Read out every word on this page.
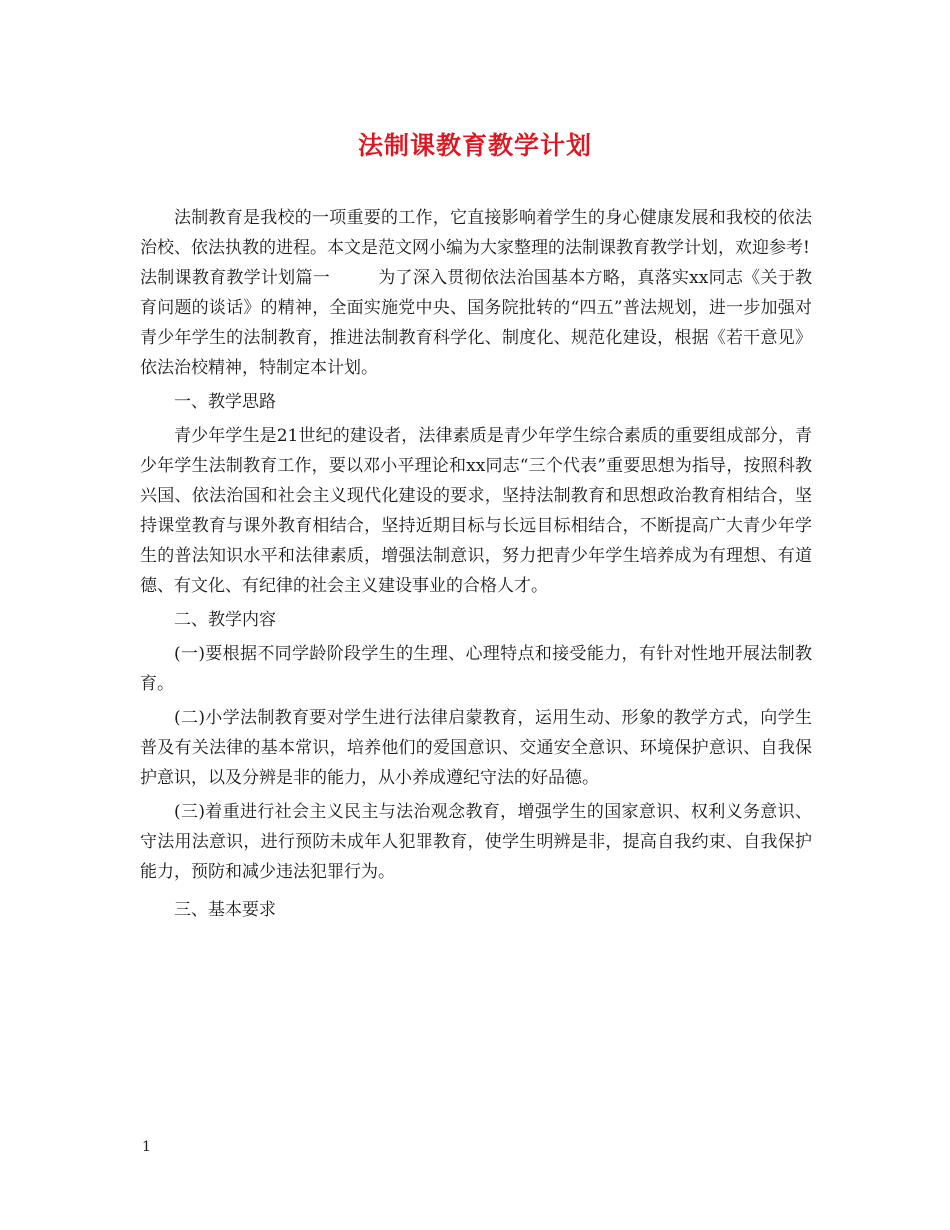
法制课教育教学计划

法制教育是我校的一项重要的工作，它直接影响着学生的身心健康发展和我校的依法治校、依法执教的进程。本文是范文网小编为大家整理的法制课教育教学计划，欢迎参考!

法制课教育教学计划篇一	为了深入贯彻依法治国基本方略，真落实xx同志《关于教育问题的谈话》的精神，全面实施党中央、国务院批转的“四五”普法规划，进一步加强对青少年学生的法制教育，推进法制教育科学化、制度化、规范化建设，根据《若干意见》依法治校精神，特制定本计划。

一、教学思路

青少年学生是21世纪的建设者，法律素质是青少年学生综合素质的重要组成部分，青少年学生法制教育工作，要以邓小平理论和xx同志“三个代表”重要思想为指导，按照科教兴国、依法治国和社会主义现代化建设的要求，坚持法制教育和思想政治教育相结合，坚持课堂教育与课外教育相结合，坚持近期目标与长远目标相结合，不断提高广大青少年学生的普法知识水平和法律素质，增强法制意识，努力把青少年学生培养成为有理想、有道德、有文化、有纪律的社会主义建设事业的合格人才。

二、教学内容

(一)要根据不同学龄阶段学生的生理、心理特点和接受能力，有针对性地开展法制教育。

(二)小学法制教育要对学生进行法律启蒙教育，运用生动、形象的教学方式，向学生普及有关法律的基本常识，培养他们的爱国意识、交通安全意识、环境保护意识、自我保护意识，以及分辨是非的能力，从小养成遵纪守法的好品德。

(三)着重进行社会主义民主与法治观念教育，增强学生的国家意识、权利义务意识、守法用法意识，进行预防未成年人犯罪教育，使学生明辨是非，提高自我约束、自我保护能力，预防和减少违法犯罪行为。

三、基本要求

1
